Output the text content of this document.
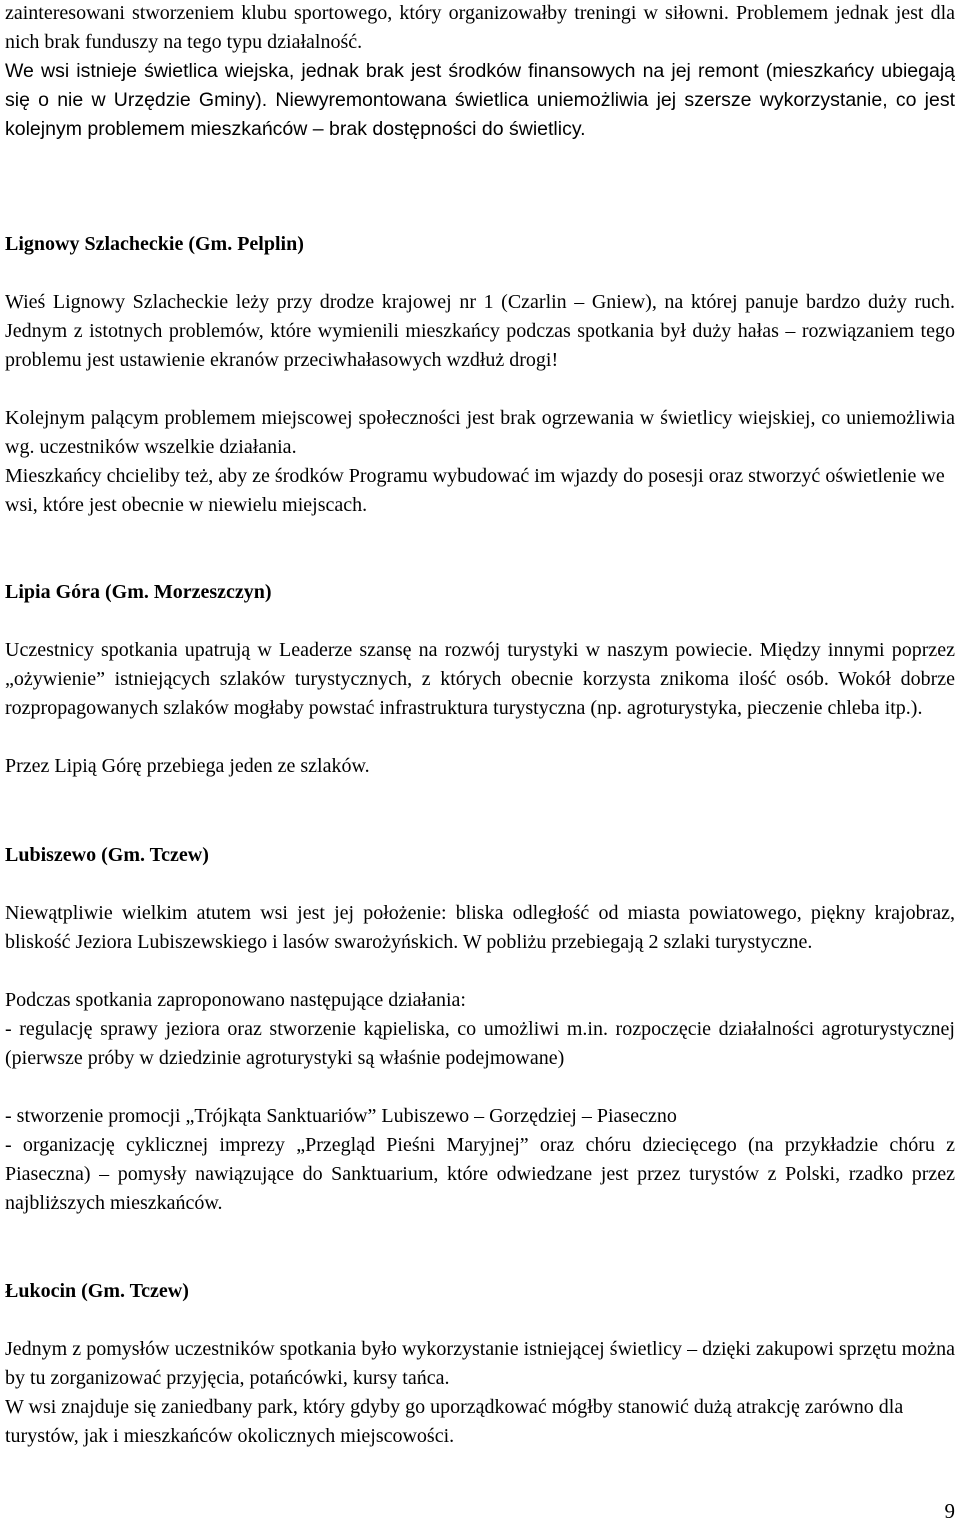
zainteresowani stworzeniem klubu sportowego, który organizowałby treningi w siłowni. Problemem jednak jest dla nich brak funduszy na tego typu działalność.

We wsi istnieje świetlica wiejska, jednak brak jest środków finansowych na jej remont (mieszkańcy ubiegają się o nie w Urzędzie Gminy). Niewyremontowana świetlica uniemożliwia jej szersze wykorzystanie, co jest kolejnym problemem mieszkańców – brak dostępności do świetlicy.

Lignowy Szlacheckie (Gm. Pelplin)

Wieś Lignowy Szlacheckie leży przy drodze krajowej nr 1 (Czarlin – Gniew), na której panuje bardzo duży ruch. Jednym z istotnych problemów, które wymienili mieszkańcy podczas spotkania był duży hałas – rozwiązaniem tego problemu jest ustawienie ekranów przeciwhałasowych wzdłuż drogi!

Kolejnym palącym problemem miejscowej społeczności jest brak ogrzewania w świetlicy wiejskiej, co uniemożliwia wg. uczestników wszelkie działania.

Mieszkańcy chcieliby też, aby ze środków Programu wybudować im wjazdy do posesji oraz stworzyć oświetlenie we wsi, które jest obecnie w niewielu miejscach.

Lipia Góra (Gm. Morzeszczyn)

Uczestnicy spotkania upatrują w Leaderze szansę na rozwój turystyki w naszym powiecie. Między innymi poprzez „ożywienie” istniejących szlaków turystycznych, z których obecnie korzysta znikoma ilość osób. Wokół dobrze rozpropagowanych szlaków mogłaby powstać infrastruktura turystyczna (np. agroturystyka, pieczenie chleba itp.).

Przez Lipią Górę przebiega jeden ze szlaków.

Lubiszewo (Gm. Tczew)

Niewątpliwie wielkim atutem wsi jest jej położenie: bliska odległość od miasta powiatowego, piękny krajobraz, bliskość Jeziora Lubiszewskiego i lasów swarożyńskich. W pobliżu przebiegają 2 szlaki turystyczne.

Podczas spotkania zaproponowano następujące działania:

- regulację sprawy jeziora oraz stworzenie kąpieliska, co umożliwi m.in. rozpoczęcie działalności agroturystycznej (pierwsze próby w dziedzinie agroturystyki są właśnie podejmowane)

- stworzenie promocji „Trójkąta Sanktuariów” Lubiszewo – Gorzędziej – Piaseczno

- organizację cyklicznej imprezy „Przegląd Pieśni Maryjnej” oraz chóru dziecięcego (na przykładzie chóru z Piaseczna) – pomysły nawiązujące do Sanktuarium, które odwiedzane jest przez turystów z Polski, rzadko przez najbliższych mieszkańców.

Łukocin (Gm. Tczew)

Jednym z pomysłów uczestników spotkania było wykorzystanie istniejącej świetlicy – dzięki zakupowi sprzętu można by tu zorganizować przyjęcia, potańcówki, kursy tańca.

W wsi znajduje się zaniedbany park, który gdyby go uporządkować mógłby stanowić dużą atrakcję zarówno dla turystów, jak i mieszkańców okolicznych miejscowości.

9
